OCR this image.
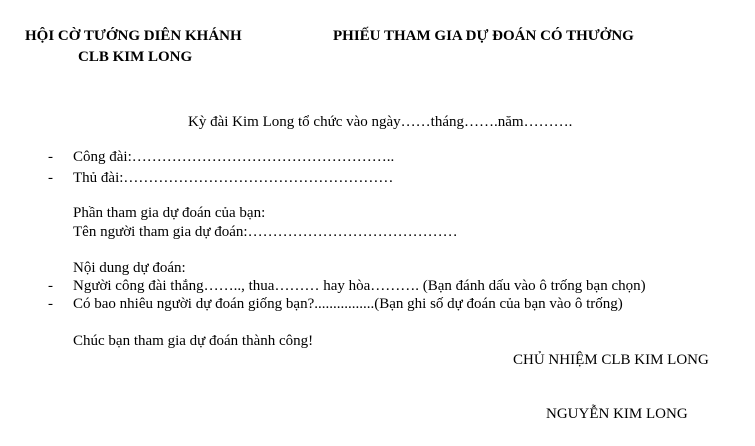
HỘI CỜ TƯỚNG DIÊN KHÁNH
CLB KIM LONG
PHIẾU THAM GIA DỰ ĐOÁN CÓ THƯỞNG
Kỳ đài Kim Long tổ chức vào ngày……tháng…….năm……….
- Công đài:……………………………………………..
- Thủ đài:………………………………………………
Phần tham gia dự đoán của bạn:
Tên người tham gia dự đoán:……………………………………
Nội dung dự đoán:
- Người công đài thắng…….., thua……… hay hòa………. (Bạn đánh dấu vào ô trống bạn chọn)
- Có bao nhiêu người dự đoán giống bạn?................(Bạn ghi số dự đoán của bạn vào ô trống)
Chúc bạn tham gia dự đoán thành công!
CHỦ NHIỆM CLB KIM LONG
NGUYỄN KIM LONG
